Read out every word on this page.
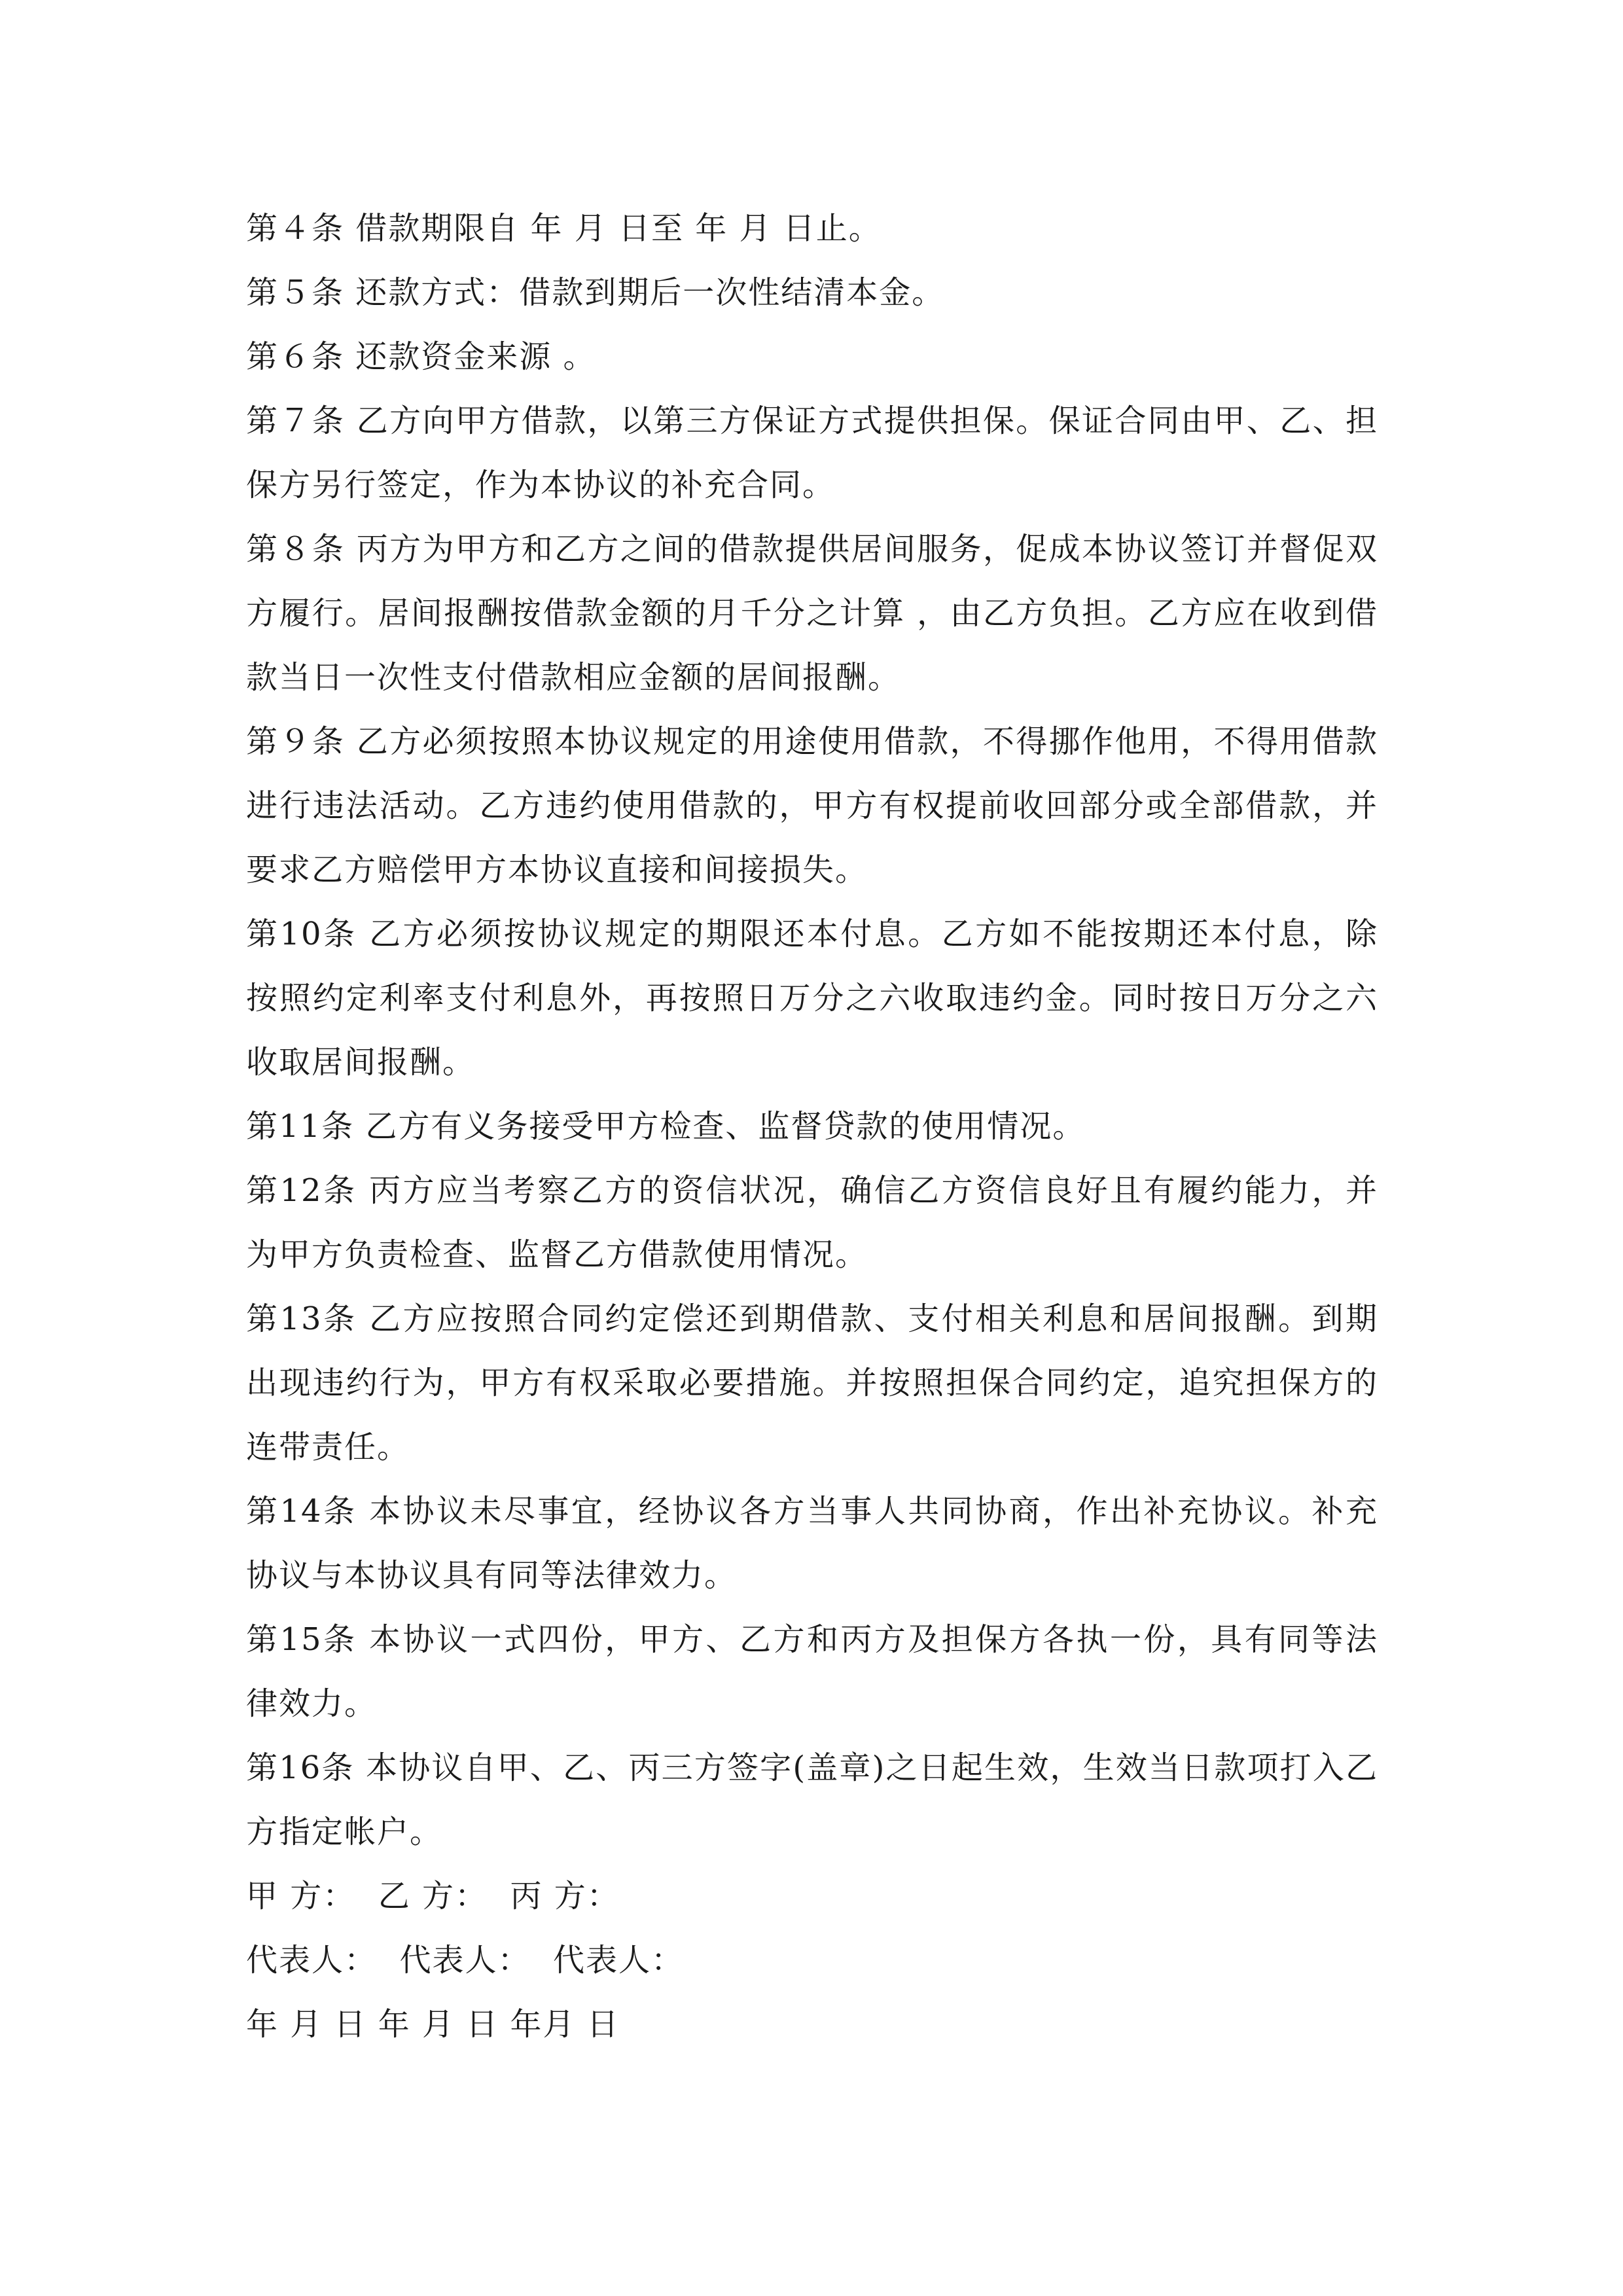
第４条 借款期限自 年 月 日至 年 月 日止。

第５条 还款方式：借款到期后一次性结清本金。

第６条 还款资金来源 。

第７条 乙方向甲方借款，以第三方保证方式提供担保。保证合同由甲、乙、担保方另行签定，作为本协议的补充合同。

第８条 丙方为甲方和乙方之间的借款提供居间服务，促成本协议签订并督促双方履行。居间报酬按借款金额的月千分之计算 ，由乙方负担。乙方应在收到借款当日一次性支付借款相应金额的居间报酬。

第９条 乙方必须按照本协议规定的用途使用借款，不得挪作他用，不得用借款进行违法活动。乙方违约使用借款的，甲方有权提前收回部分或全部借款，并要求乙方赔偿甲方本协议直接和间接损失。

第10条 乙方必须按协议规定的期限还本付息。乙方如不能按期还本付息，除按照约定利率支付利息外，再按照日万分之六收取违约金。同时按日万分之六收取居间报酬。

第11条 乙方有义务接受甲方检查、监督贷款的使用情况。

第12条 丙方应当考察乙方的资信状况，确信乙方资信良好且有履约能力，并为甲方负责检查、监督乙方借款使用情况。

第13条 乙方应按照合同约定偿还到期借款、支付相关利息和居间报酬。到期出现违约行为，甲方有权采取必要措施。并按照担保合同约定，追究担保方的连带责任。

第14条 本协议未尽事宜，经协议各方当事人共同协商，作出补充协议。补充协议与本协议具有同等法律效力。

第15条 本协议一式四份，甲方、乙方和丙方及担保方各执一份，具有同等法律效力。

第16条 本协议自甲、乙、丙三方签字(盖章)之日起生效，生效当日款项打入乙方指定帐户。

甲 方：  乙 方：  丙 方：

代表人：  代表人：  代表人：

年 月 日 年 月 日 年月 日
